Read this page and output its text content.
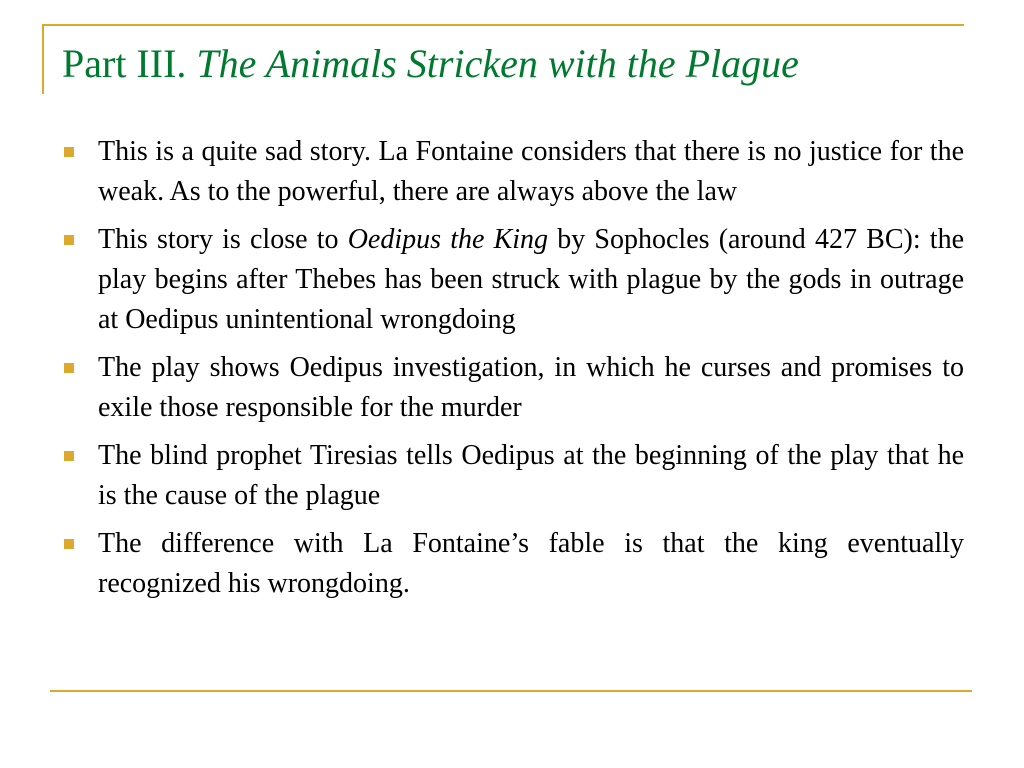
Part III. The Animals Stricken with the Plague
This is a quite sad story. La Fontaine considers that there is no justice for the weak. As to the powerful, there are always above the law
This story is close to Oedipus the King by Sophocles (around 427 BC): the play begins after Thebes has been struck with plague by the gods in outrage at Oedipus unintentional wrongdoing
The play shows Oedipus investigation, in which he curses and promises to exile those responsible for the murder
The blind prophet Tiresias tells Oedipus at the beginning of the play that he is the cause of the plague
The difference with La Fontaine’s fable is that the king eventually recognized his wrongdoing.
